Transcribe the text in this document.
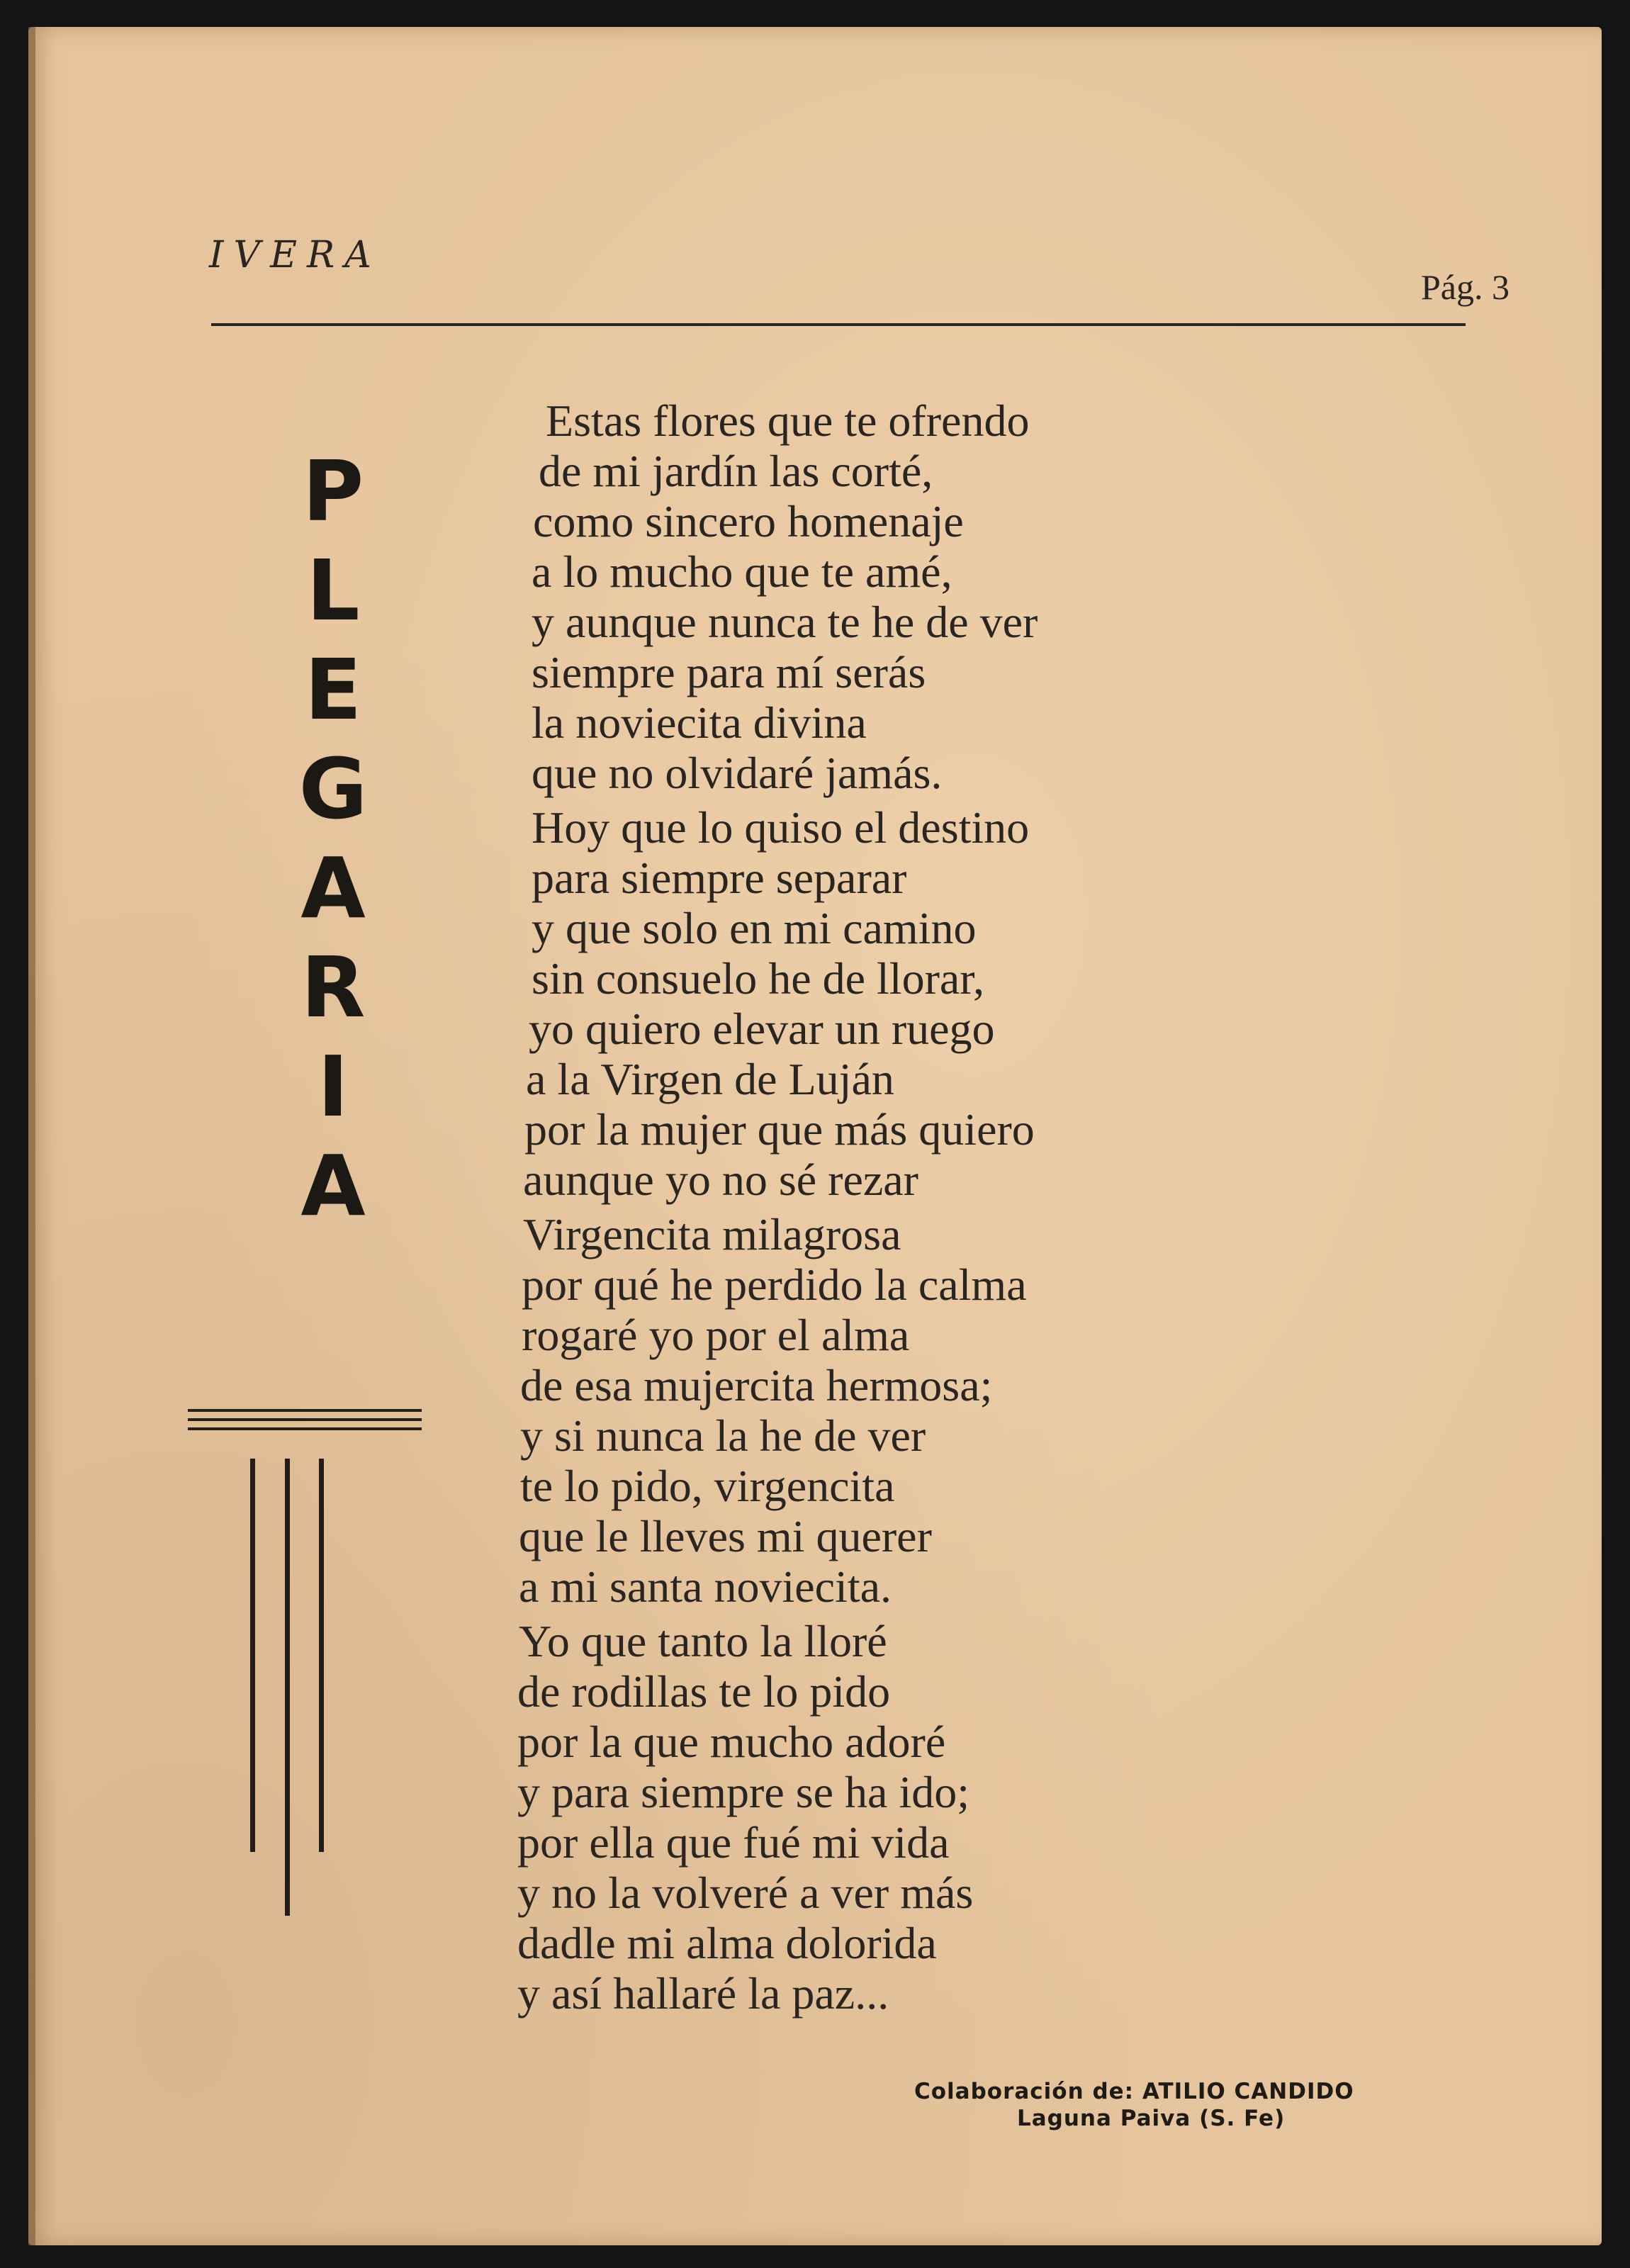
IVERA
Pág. 3
P
L
E
G
A
R
I
A
Estas flores que te ofrendo
de mi jardín las corté,
como sincero homenaje
a lo mucho que te amé,
y aunque nunca te he de ver
siempre para mí serás
la noviecita divina
que no olvidaré jamás.
Hoy que lo quiso el destino
para siempre separar
y que solo en mi camino
sin consuelo he de llorar,
yo quiero elevar un ruego
a la Virgen de Luján
por la mujer que más quiero
aunque yo no sé rezar
Virgencita milagrosa
por qué he perdido la calma
rogaré yo por el alma
de esa mujercita hermosa;
y si nunca la he de ver
te lo pido, virgencita
que le lleves mi querer
a mi santa noviecita.
Yo que tanto la lloré
de rodillas te lo pido
por la que mucho adoré
y para siempre se ha ido;
por ella que fué mi vida
y no la volveré a ver más
dadle mi alma dolorida
y así hallaré la paz...
Colaboración de: ATILIO CANDIDO
Laguna Paiva (S. Fe)
